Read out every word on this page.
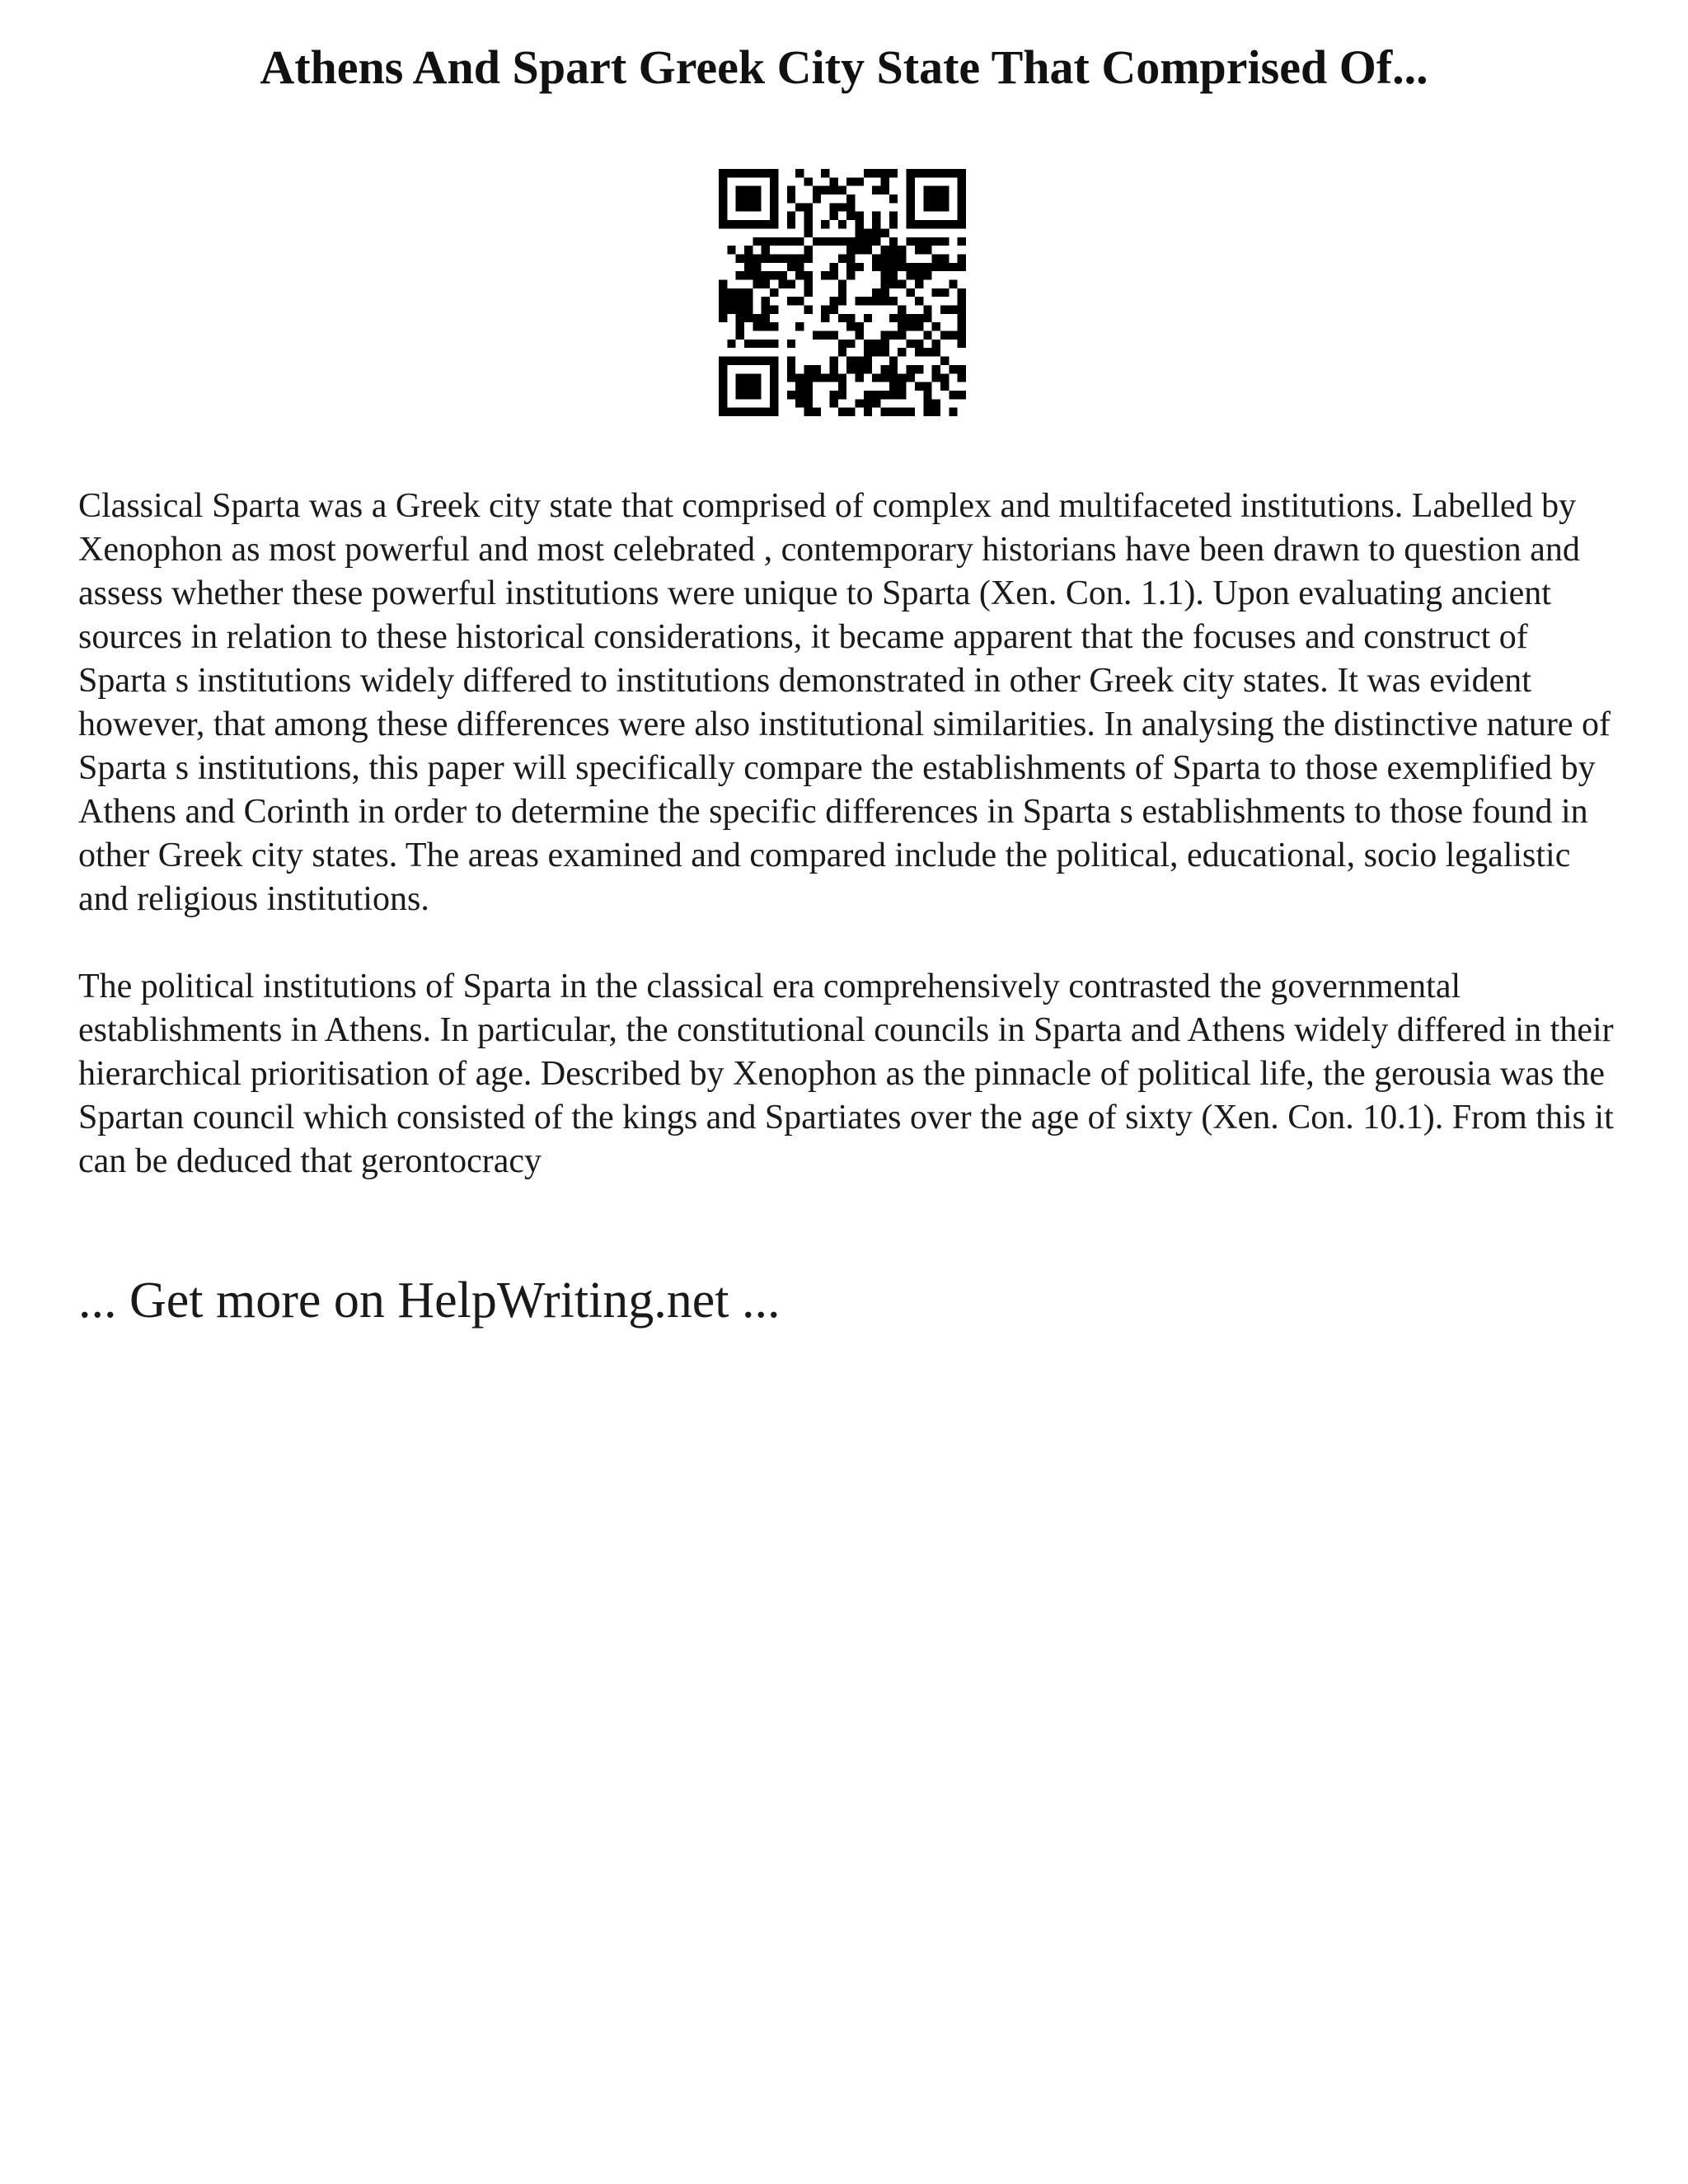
Athens And Spart Greek City State That Comprised Of...

Classical Sparta was a Greek city state that comprised of complex and multifaceted institutions. Labelled by Xenophon as most powerful and most celebrated , contemporary historians have been drawn to question and assess whether these powerful institutions were unique to Sparta (Xen. Con. 1.1). Upon evaluating ancient sources in relation to these historical considerations, it became apparent that the focuses and construct of Sparta s institutions widely differed to institutions demonstrated in other Greek city states. It was evident however, that among these differences were also institutional similarities. In analysing the distinctive nature of Sparta s institutions, this paper will specifically compare the establishments of Sparta to those exemplified by Athens and Corinth in order to determine the specific differences in Sparta s establishments to those found in other Greek city states. The areas examined and compared include the political, educational, socio legalistic and religious institutions.

The political institutions of Sparta in the classical era comprehensively contrasted the governmental establishments in Athens. In particular, the constitutional councils in Sparta and Athens widely differed in their hierarchical prioritisation of age. Described by Xenophon as the pinnacle of political life, the gerousia was the Spartan council which consisted of the kings and Spartiates over the age of sixty (Xen. Con. 10.1). From this it can be deduced that gerontocracy

... Get more on HelpWriting.net ...
